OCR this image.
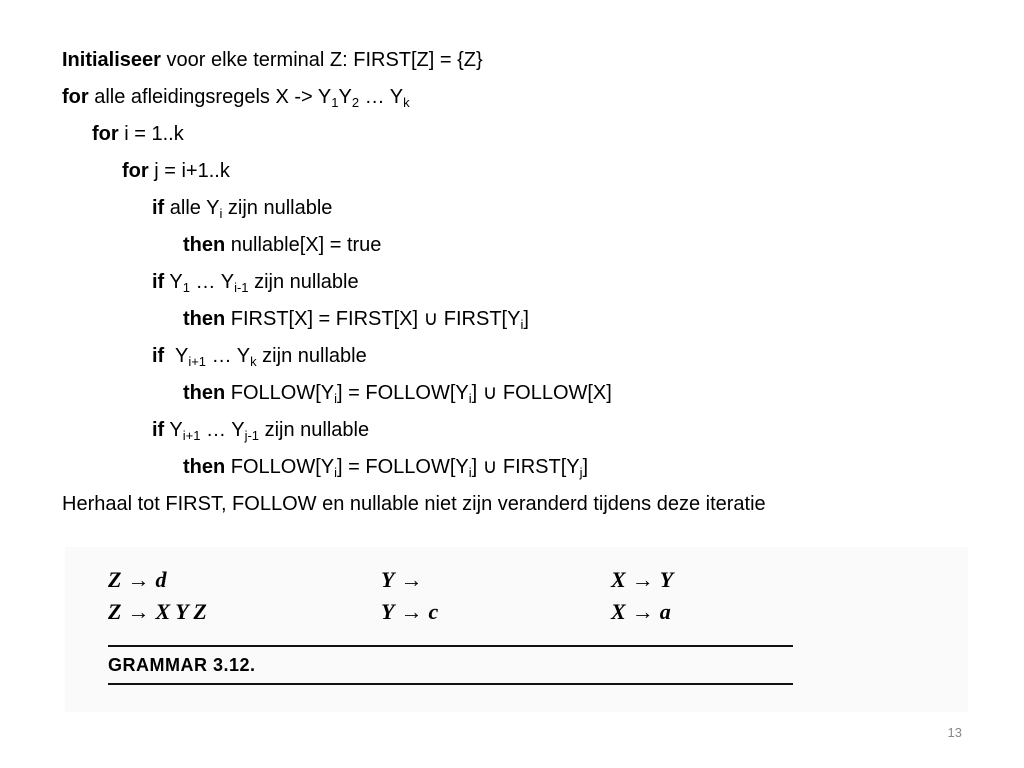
Initialiseer voor elke terminal Z: FIRST[Z] = {Z}
for alle afleidingsregels $X -> Y_1Y_2$ … $Y_k$
for i = 1..k
for j = i+1..k
if alle $Y_i$ zijn nullable
then nullable[X] = true
if $Y_1$ … $Y_{i-1}$ zijn nullable
then FIRST[X] = FIRST[X] ∪ $FIRST[Y_i]$
if  $Y_{i+1}$ … $Y_k$ zijn nullable
then $FOLLOW[Y_i]$ = $FOLLOW[Y_i]$ ∪ FOLLOW[X]
if $Y_{i+1}$ … $Y_{j-1}$ zijn nullable
then $FOLLOW[Y_i]$ = $FOLLOW[Y_i]$ ∪ $FIRST[Y_j]$
Herhaal tot FIRST, FOLLOW en nullable niet zijn veranderd tijdens deze iteratie
Z → d	Y →	X → Y
Z → X Y Z	Y → c	X → a
GRAMMAR 3.12.
13
